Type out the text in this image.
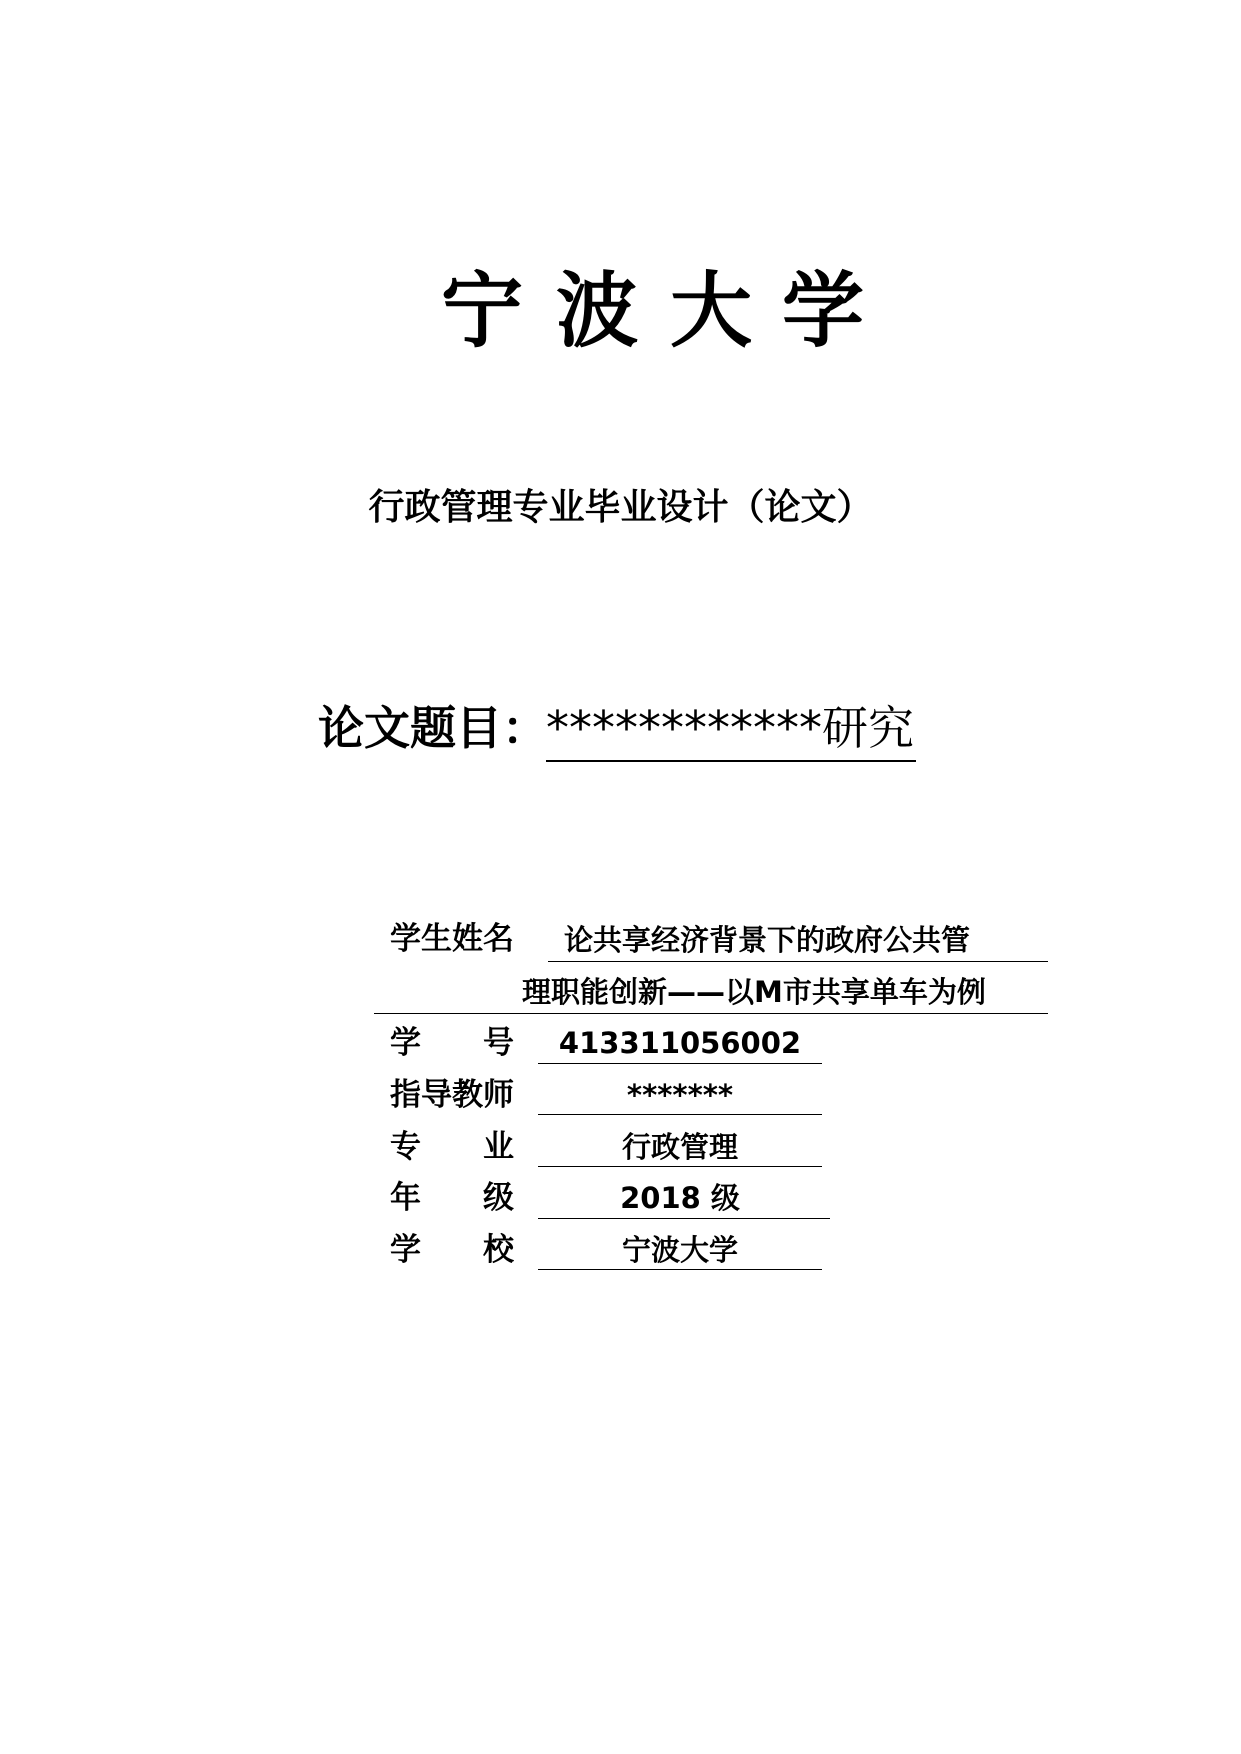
宁 波 大 学
行政管理专业毕业设计（论文）
论文题目：
************研究
学生姓名 论共享经济背景下的政府公共管
理职能创新——以M市共享单车为例
学　　号	413311056002
指导教师	*******
专　　业	行政管理
年　　级	2018 级
学　　校	宁波大学
